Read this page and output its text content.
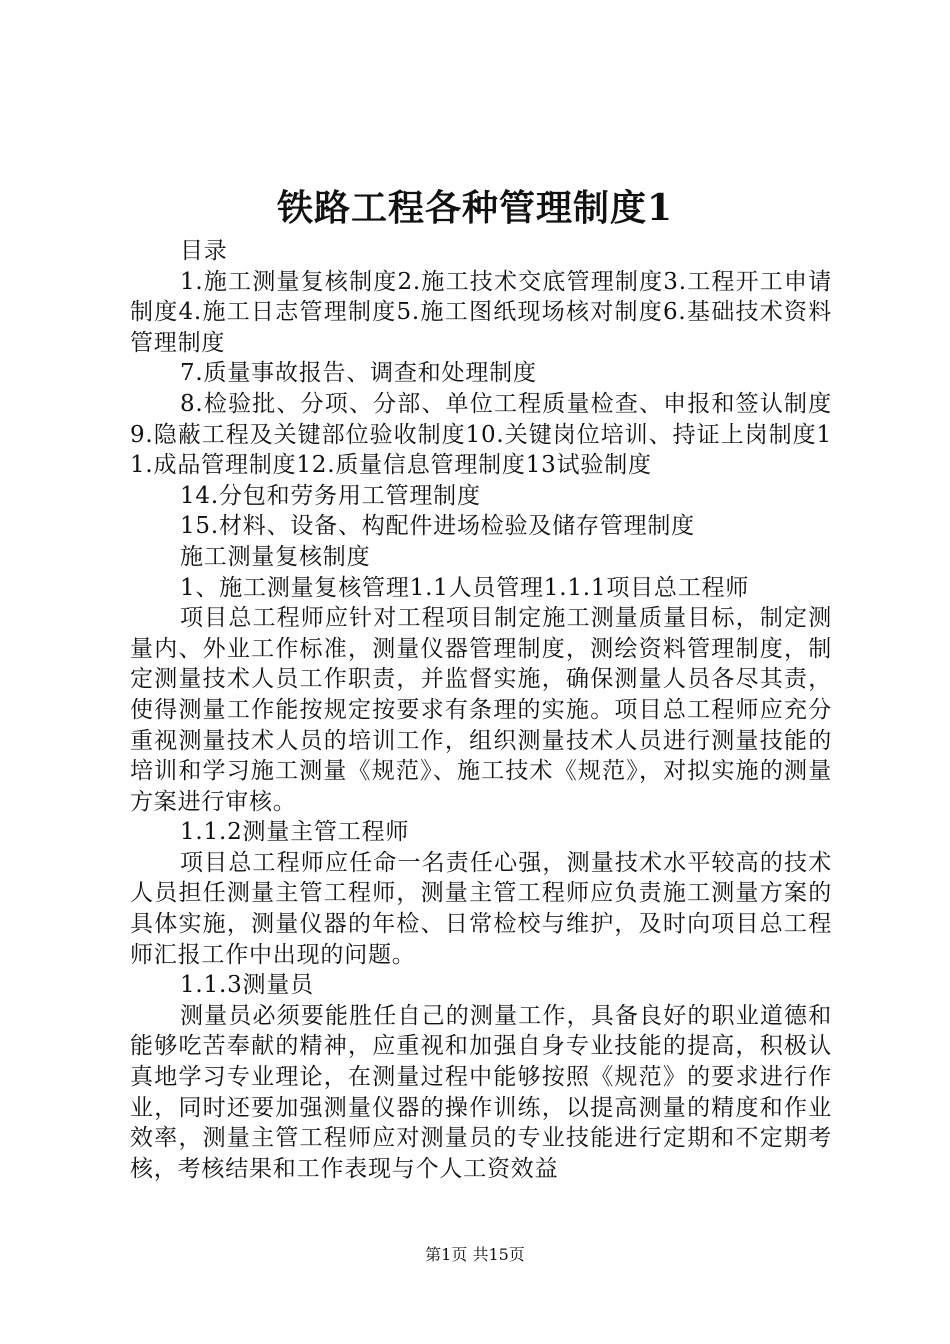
铁路工程各种管理制度1

目录

1.施工测量复核制度2.施工技术交底管理制度3.工程开工申请制度4.施工日志管理制度5.施工图纸现场核对制度6.基础技术资料管理制度

7.质量事故报告、调查和处理制度

8.检验批、分项、分部、单位工程质量检查、申报和签认制度9.隐蔽工程及关键部位验收制度10.关键岗位培训、持证上岗制度11.成品管理制度12.质量信息管理制度13试验制度

14.分包和劳务用工管理制度

15.材料、设备、构配件进场检验及储存管理制度

施工测量复核制度

1、施工测量复核管理1.1人员管理1.1.1项目总工程师

项目总工程师应针对工程项目制定施工测量质量目标，制定测量内、外业工作标准，测量仪器管理制度，测绘资料管理制度，制定测量技术人员工作职责，并监督实施，确保测量人员各尽其责，使得测量工作能按规定按要求有条理的实施。项目总工程师应充分重视测量技术人员的培训工作，组织测量技术人员进行测量技能的培训和学习施工测量《规范》、施工技术《规范》，对拟实施的测量方案进行审核。

1.1.2测量主管工程师

项目总工程师应任命一名责任心强，测量技术水平较高的技术人员担任测量主管工程师，测量主管工程师应负责施工测量方案的具体实施，测量仪器的年检、日常检校与维护，及时向项目总工程师汇报工作中出现的问题。

1.1.3测量员

测量员必须要能胜任自己的测量工作，具备良好的职业道德和能够吃苦奉献的精神，应重视和加强自身专业技能的提高，积极认真地学习专业理论，在测量过程中能够按照《规范》的要求进行作业，同时还要加强测量仪器的操作训练，以提高测量的精度和作业效率，测量主管工程师应对测量员的专业技能进行定期和不定期考核，考核结果和工作表现与个人工资效益

第1页 共15页
